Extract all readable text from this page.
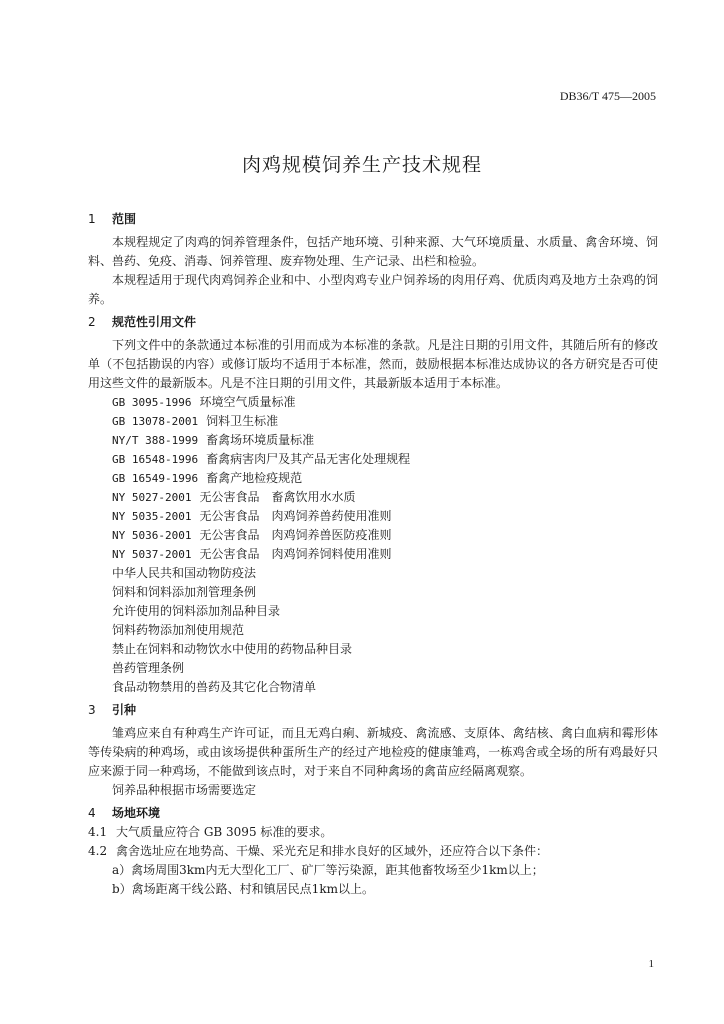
DB36/T 475—2005
肉鸡规模饲养生产技术规程
1 范围

本规程规定了肉鸡的饲养管理条件，包括产地环境、引种来源、大气环境质量、水质量、禽舍环境、饲料、兽药、免疫、消毒、饲养管理、废弃物处理、生产记录、出栏和检验。

本规程适用于现代肉鸡饲养企业和中、小型肉鸡专业户饲养场的肉用仔鸡、优质肉鸡及地方土杂鸡的饲养。

2 规范性引用文件

下列文件中的条款通过本标准的引用而成为本标准的条款。凡是注日期的引用文件，其随后所有的修改单（不包括勘误的内容）或修订版均不适用于本标准，然而，鼓励根据本标准达成协议的各方研究是否可使用这些文件的最新版本。凡是不注日期的引用文件，其最新版本适用于本标准。

GB 3095-1996 环境空气质量标准

GB 13078-2001 饲料卫生标准

NY/T 388-1999 畜禽场环境质量标准

GB 16548-1996 畜禽病害肉尸及其产品无害化处理规程

GB 16549-1996 畜禽产地检疫规范

NY 5027-2001 无公害食品　畜禽饮用水水质

NY 5035-2001 无公害食品　肉鸡饲养兽药使用准则

NY 5036-2001 无公害食品　肉鸡饲养兽医防疫准则

NY 5037-2001 无公害食品　肉鸡饲养饲料使用准则

中华人民共和国动物防疫法

饲料和饲料添加剂管理条例

允许使用的饲料添加剂品种目录

饲料药物添加剂使用规范

禁止在饲料和动物饮水中使用的药物品种目录

兽药管理条例

食品动物禁用的兽药及其它化合物清单

3 引种

雏鸡应来自有种鸡生产许可证，而且无鸡白痢、新城疫、禽流感、支原体、禽结核、禽白血病和霉形体等传染病的种鸡场，或由该场提供种蛋所生产的经过产地检疫的健康雏鸡，一栋鸡舍或全场的所有鸡最好只应来源于同一种鸡场，不能做到该点时，对于来自不同种禽场的禽苗应经隔离观察。

饲养品种根据市场需要选定

4 场地环境

4.1 大气质量应符合 GB 3095 标准的要求。

4.2 禽舍选址应在地势高、干燥、采光充足和排水良好的区域外，还应符合以下条件：

a）禽场周围3km内无大型化工厂、矿厂等污染源，距其他畜牧场至少1km以上；

b）禽场距离干线公路、村和镇居民点1km以上。

1
